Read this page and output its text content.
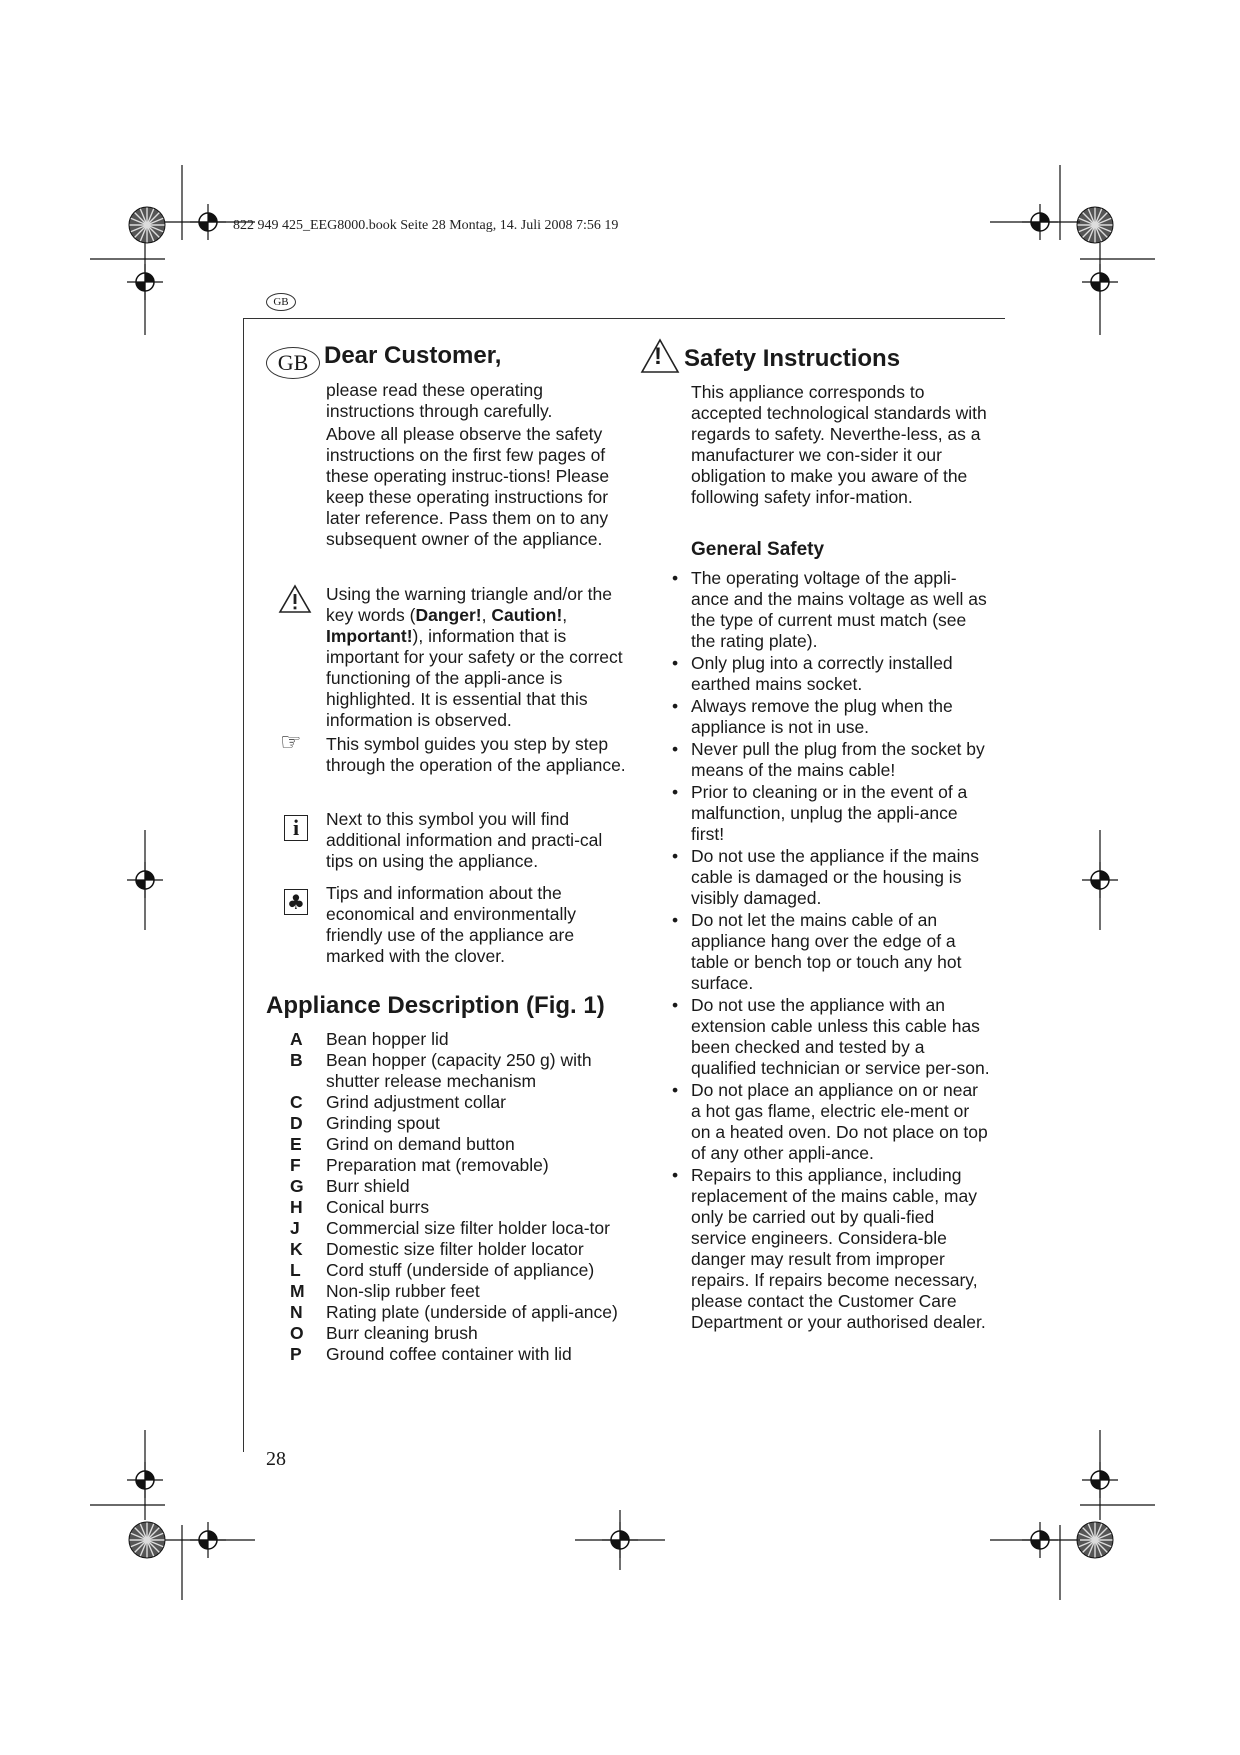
822 949 425_EEG8000.book Seite 28 Montag, 14. Juli 2008 7:56 19
GB
GB Dear Customer,

please read these operating instructions through carefully.

Above all please observe the safety instructions on the first few pages of these operating instruc-tions! Please keep these operating instructions for later reference. Pass them on to any subsequent owner of the appliance.

Using the warning triangle and/or the key words (Danger!, Caution!, Important!), information that is important for your safety or the correct functioning of the appli-ance is highlighted. It is essential that this information is observed.
☞ This symbol guides you step by step through the operation of the appliance.
i	Next to this symbol you will find additional information and practi-cal tips on using the appliance.
♣ Tips and information about the economical and environmentally friendly use of the appliance are marked with the clover.
Appliance Description (Fig. 1)
A	Bean hopper lid
B	Bean hopper (capacity 250 g) with shutter release mechanism
C	Grind adjustment collar
D	Grinding spout
E	Grind on demand button
F	Preparation mat (removable)
G	Burr shield
H	Conical burrs
J	Commercial size filter holder loca-tor
K	Domestic size filter holder locator
L	Cord stuff (underside of appliance)
M	Non-slip rubber feet
N	Rating plate (underside of appli-ance)
O	Burr cleaning brush
P	Ground coffee container with lid
! Safety Instructions
This appliance corresponds to accepted technological standards with regards to safety. Neverthe-less, as a manufacturer we con-sider it our obligation to make you aware of the following safety infor-mation.
General Safety
• The operating voltage of the appli-ance and the mains voltage as well as the type of current must match (see the rating plate).
• Only plug into a correctly installed earthed mains socket.
• Always remove the plug when the appliance is not in use.
• Never pull the plug from the socket by means of the mains cable!
• Prior to cleaning or in the event of a malfunction, unplug the appli-ance first!
• Do not use the appliance if the mains cable is damaged or the housing is visibly damaged.
• Do not let the mains cable of an appliance hang over the edge of a table or bench top or touch any hot surface.
• Do not use the appliance with an extension cable unless this cable has been checked and tested by a qualified technician or service per-son.
• Do not place an appliance on or near a hot gas flame, electric ele-ment or on a heated oven. Do not place on top of any other appli-ance.
• Repairs to this appliance, including replacement of the mains cable, may only be carried out by quali-fied service engineers. Considera-ble danger may result from improper repairs. If repairs become necessary, please contact the Customer Care Department or your authorised dealer.
28
